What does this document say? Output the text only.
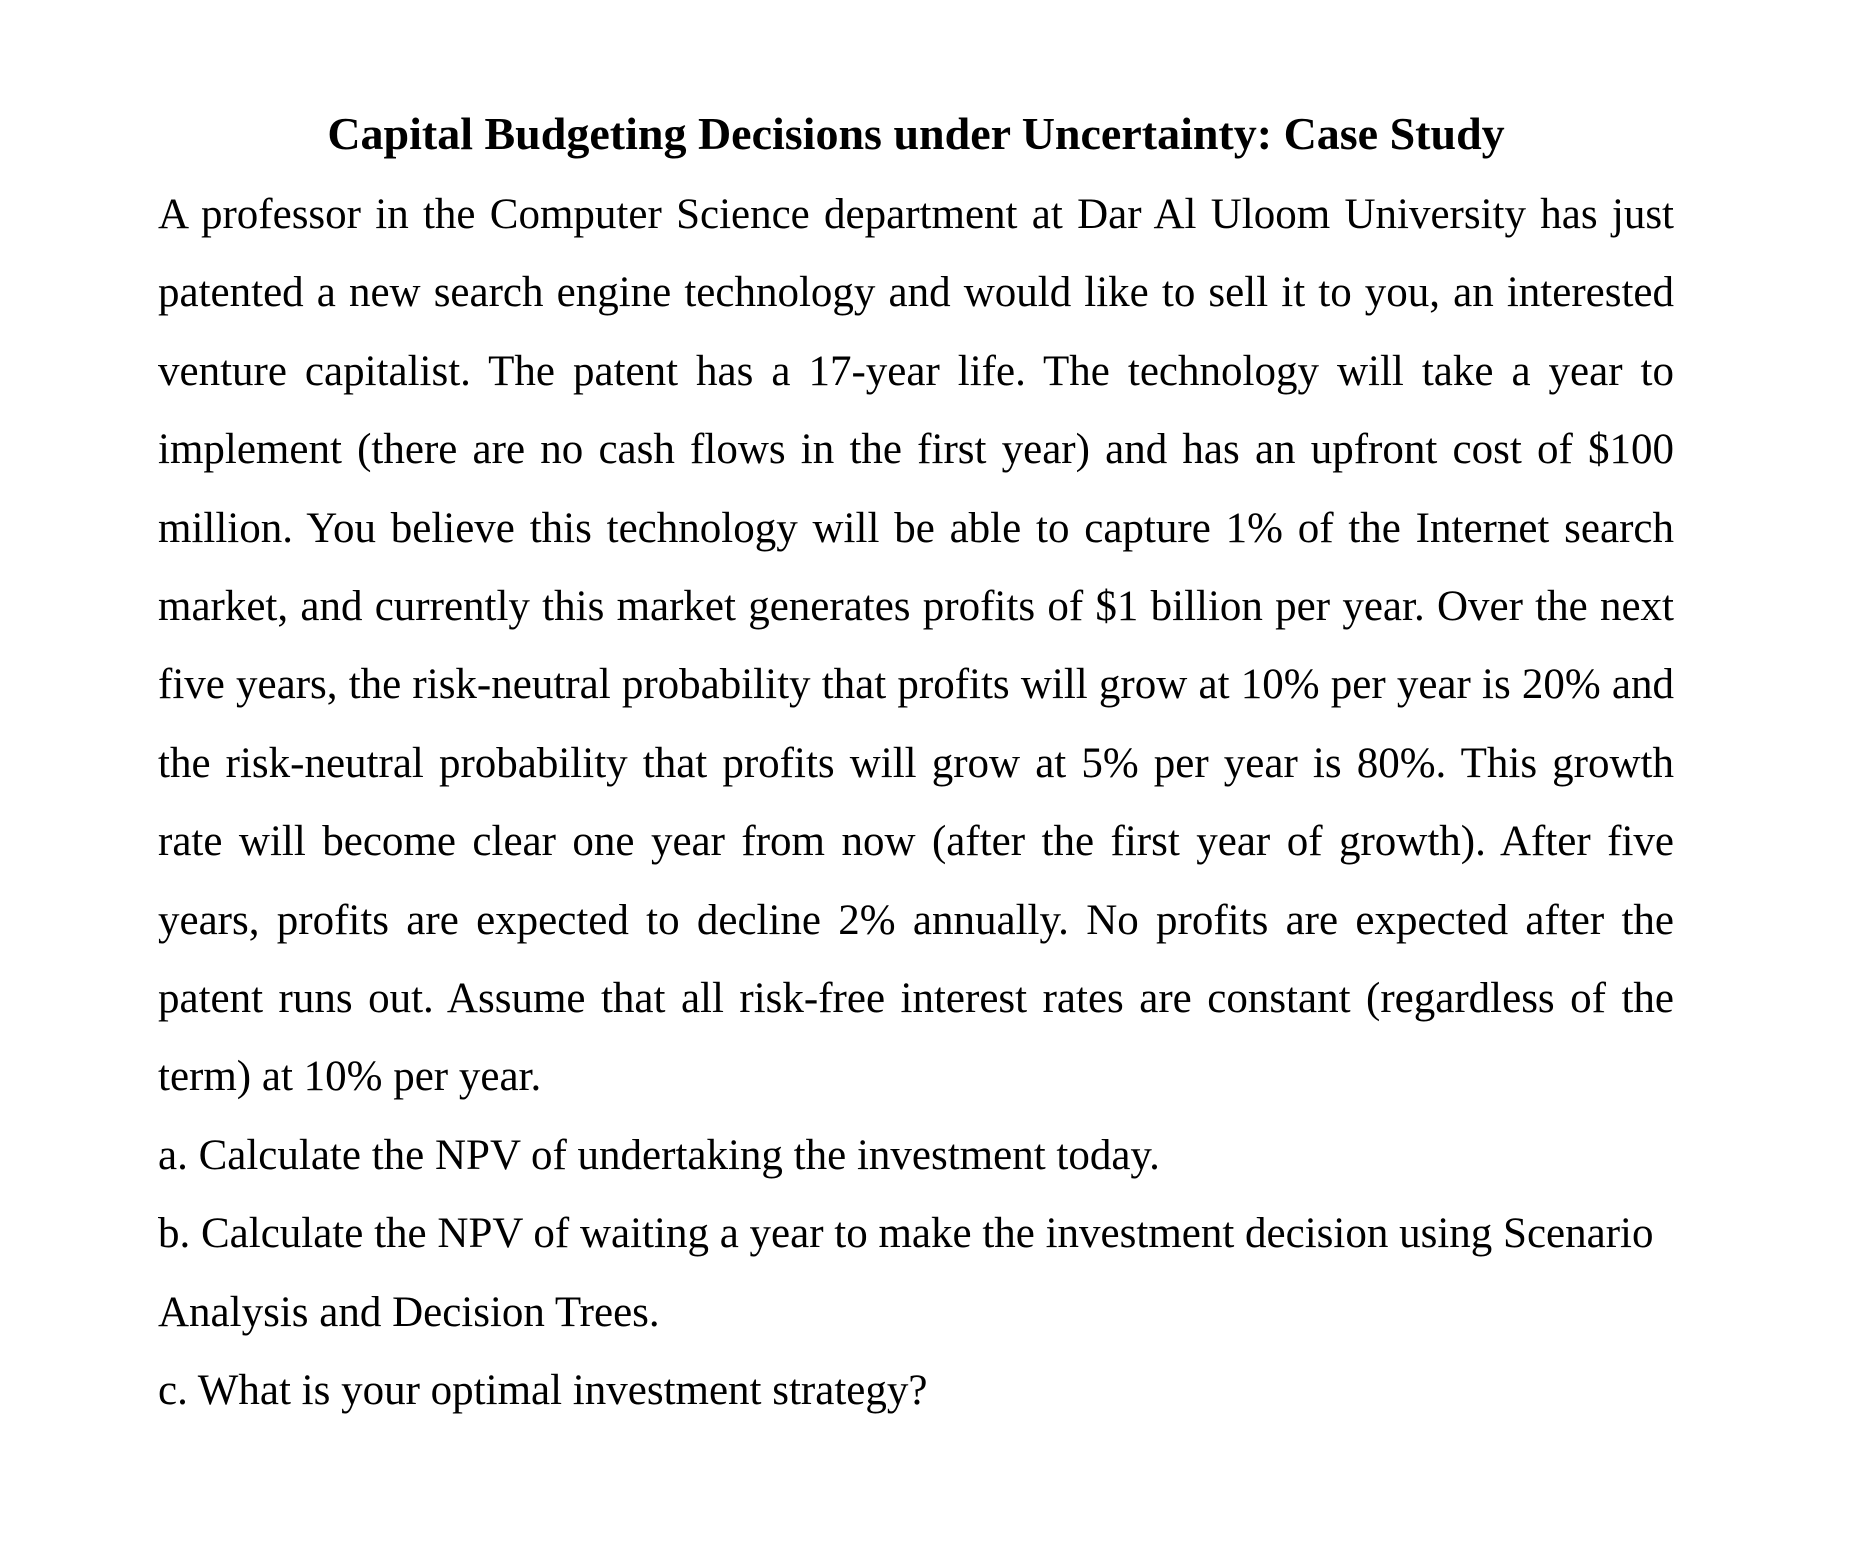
Capital Budgeting Decisions under Uncertainty: Case Study

A professor in the Computer Science department at Dar Al Uloom University has just patented a new search engine technology and would like to sell it to you, an interested venture capitalist. The patent has a 17-year life. The technology will take a year to implement (there are no cash flows in the first year) and has an upfront cost of $100 million. You believe this technology will be able to capture 1% of the Internet search market, and currently this market generates profits of $1 billion per year. Over the next five years, the risk-neutral probability that profits will grow at 10% per year is 20% and the risk-neutral probability that profits will grow at 5% per year is 80%. This growth rate will become clear one year from now (after the first year of growth). After five years, profits are expected to decline 2% annually. No profits are expected after the patent runs out. Assume that all risk-free interest rates are constant (regardless of the term) at 10% per year.

a. Calculate the NPV of undertaking the investment today.

b. Calculate the NPV of waiting a year to make the investment decision using Scenario Analysis and Decision Trees.

c. What is your optimal investment strategy?
